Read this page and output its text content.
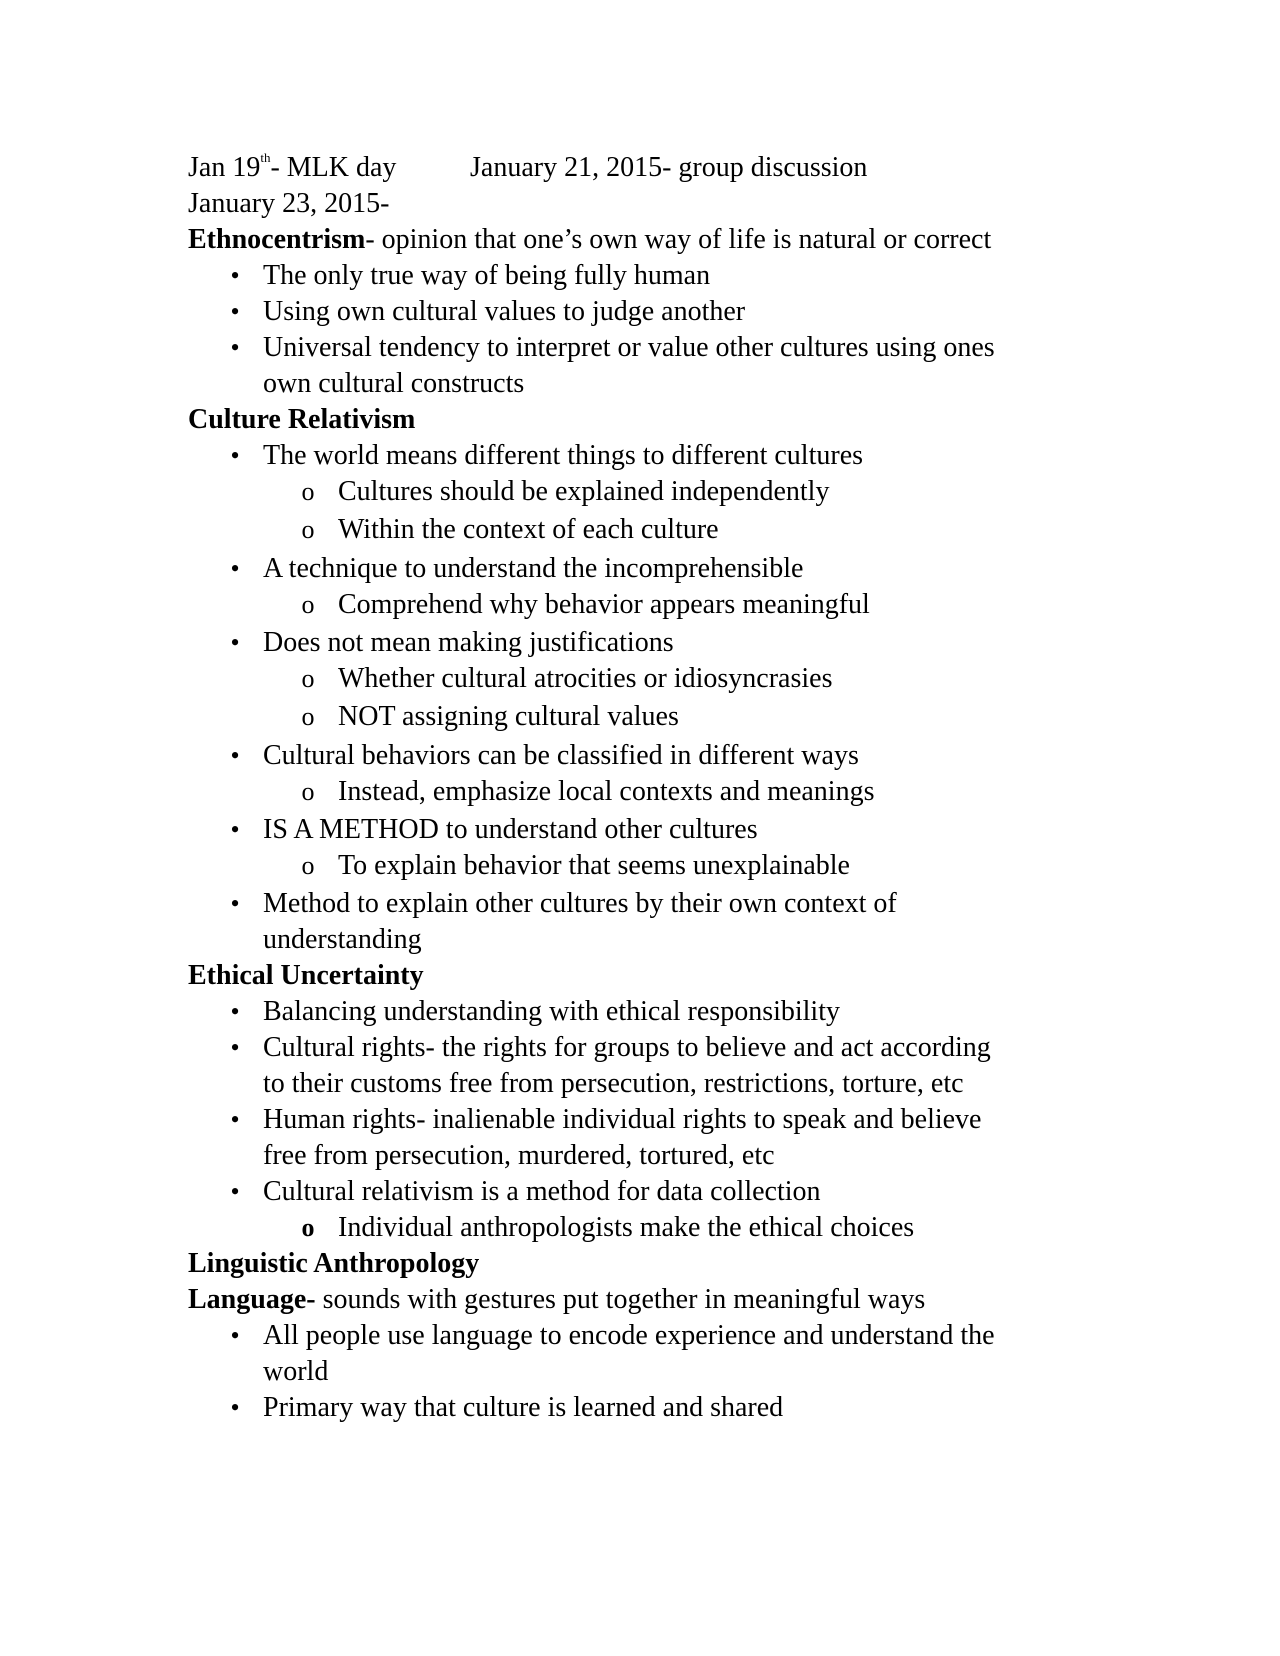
Jan 19th- MLK day	January 21, 2015- group discussion
January 23, 2015-
Ethnocentrism- opinion that one’s own way of life is natural or correct
• The only true way of being fully human
• Using own cultural values to judge another
• Universal tendency to interpret or value other cultures using ones
own cultural constructs
Culture Relativism
• The world means different things to different cultures
o Cultures should be explained independently
o Within the context of each culture
• A technique to understand the incomprehensible
o Comprehend why behavior appears meaningful
• Does not mean making justifications
o Whether cultural atrocities or idiosyncrasies
o NOT assigning cultural values
• Cultural behaviors can be classified in different ways
o Instead, emphasize local contexts and meanings
• IS A METHOD to understand other cultures
o To explain behavior that seems unexplainable
• Method to explain other cultures by their own context of
understanding
Ethical Uncertainty
• Balancing understanding with ethical responsibility
• Cultural rights- the rights for groups to believe and act according
to their customs free from persecution, restrictions, torture, etc
• Human rights- inalienable individual rights to speak and believe
free from persecution, murdered, tortured, etc
• Cultural relativism is a method for data collection
o Individual anthropologists make the ethical choices
Linguistic Anthropology
Language- sounds with gestures put together in meaningful ways
• All people use language to encode experience and understand the
world
• Primary way that culture is learned and shared
